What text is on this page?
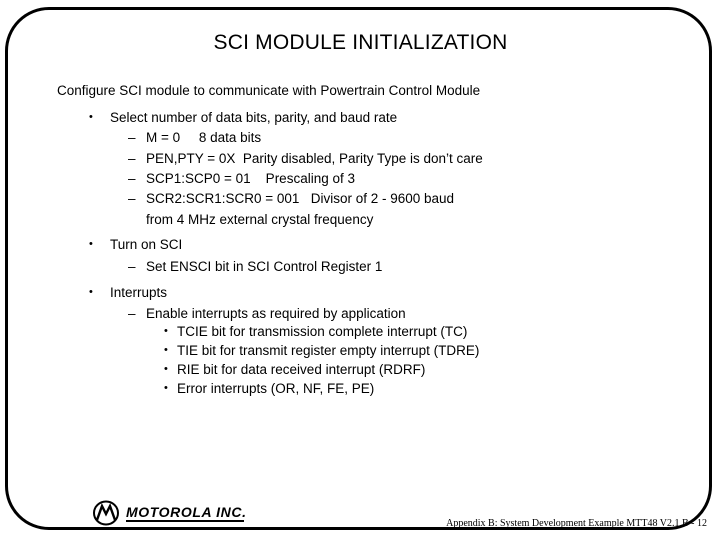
SCI MODULE INITIALIZATION
Configure SCI module to communicate with Powertrain Control Module
• Select number of data bits, parity, and baud rate
– M = 0     8 data bits
– PEN,PTY = 0X  Parity disabled, Parity Type is don’t care
– SCP1:SCP0 = 01    Prescaling of 3
– SCR2:SCR1:SCR0 = 001   Divisor of 2 - 9600 baud
from 4 MHz external crystal frequency
• Turn on SCI
– Set ENSCI bit in SCI Control Register 1
• Interrupts
– Enable interrupts as required by application
• TCIE bit for transmission complete interrupt (TC)
• TIE bit for transmit register empty interrupt (TDRE)
• RIE bit for data received interrupt (RDRF)
• Error interrupts (OR, NF, FE, PE)
MOTOROLA INC.
Appendix B: System Development Example MTT48 V2.1 B - 12
